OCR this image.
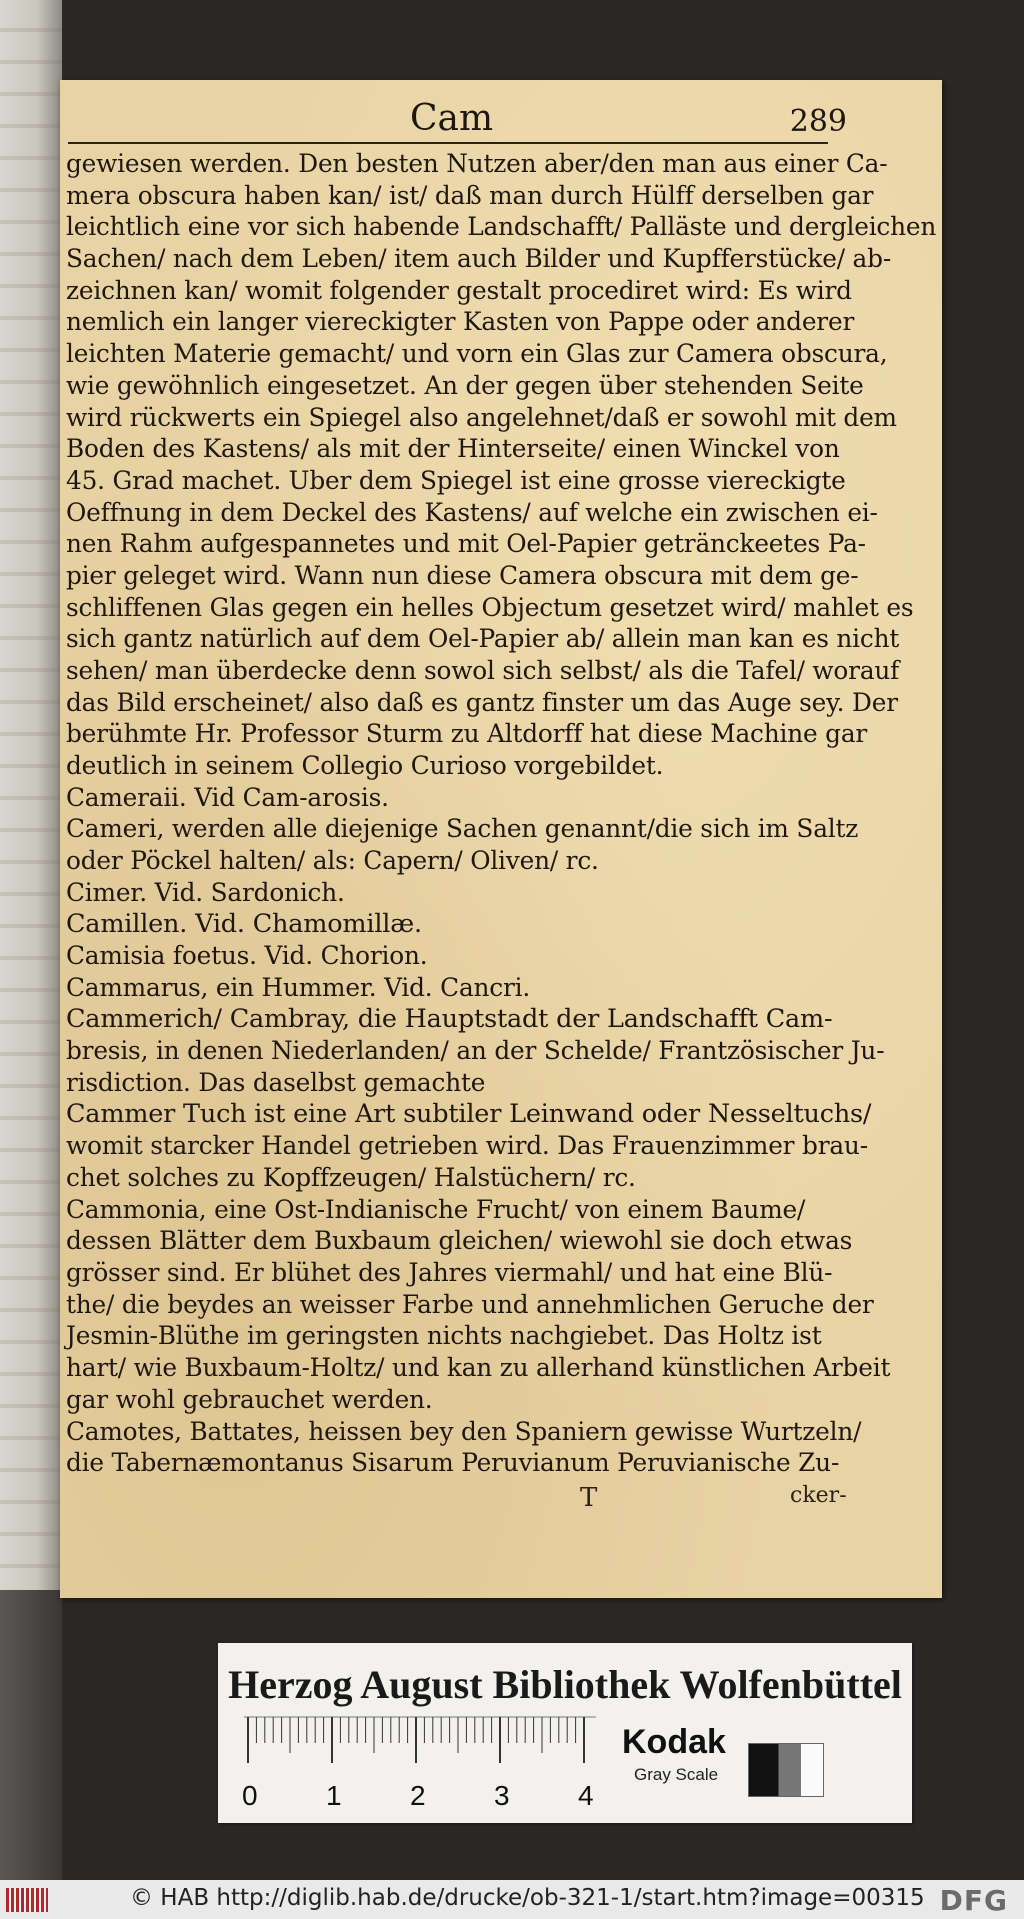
Cam	289
gewiesen werden. Den besten Nutzen aber/den man aus einer Ca-
mera obscura haben kan/ ist/ daß man durch Hülff derselben gar
leichtlich eine vor sich habende Landschafft/ Palläste und dergleichen
Sachen/ nach dem Leben/ item auch Bilder und Kupfferstücke/ ab-
zeichnen kan/ womit folgender gestalt procediret wird: Es wird
nemlich ein langer viereckigter Kasten von Pappe oder anderer
leichten Materie gemacht/ und vorn ein Glas zur Camera obscura,
wie gewöhnlich eingesetzet. An der gegen über stehenden Seite
wird rückwerts ein Spiegel also angelehnet/daß er sowohl mit dem
Boden des Kastens/ als mit der Hinterseite/ einen Winckel von
45. Grad machet. Uber dem Spiegel ist eine grosse viereckigte
Oeffnung in dem Deckel des Kastens/ auf welche ein zwischen ei-
nen Rahm aufgespannetes und mit Oel-Papier getränckeetes Pa-
pier geleget wird. Wann nun diese Camera obscura mit dem ge-
schliffenen Glas gegen ein helles Objectum gesetzet wird/ mahlet es
sich gantz natürlich auf dem Oel-Papier ab/ allein man kan es nicht
sehen/ man überdecke denn sowol sich selbst/ als die Tafel/ worauf
das Bild erscheinet/ also daß es gantz finster um das Auge sey. Der
berühmte Hr. Professor Sturm zu Altdorff hat diese Machine gar
deutlich in seinem Collegio Curioso vorgebildet.
Cameraii. Vid Cam-arosis.
Cameri, werden alle diejenige Sachen genannt/die sich im Saltz
oder Pöckel halten/ als: Capern/ Oliven/ rc.
Cimer. Vid. Sardonich.
Camillen. Vid. Chamomillæ.
Camisia foetus. Vid. Chorion.
Cammarus, ein Hummer. Vid. Cancri.
Cammerich/ Cambray, die Hauptstadt der Landschafft Cam-
bresis, in denen Niederlanden/ an der Schelde/ Frantzösischer Ju-
risdiction. Das daselbst gemachte
Cammer Tuch ist eine Art subtiler Leinwand oder Nesseltuchs/
womit starcker Handel getrieben wird. Das Frauenzimmer brau-
chet solches zu Kopffzeugen/ Halstüchern/ rc.
Cammonia, eine Ost-Indianische Frucht/ von einem Baume/
dessen Blätter dem Buxbaum gleichen/ wiewohl sie doch etwas
grösser sind. Er blühet des Jahres viermahl/ und hat eine Blü-
the/ die beydes an weisser Farbe und annehmlichen Geruche der
Jesmin-Blüthe im geringsten nichts nachgiebet. Das Holtz ist
hart/ wie Buxbaum-Holtz/ und kan zu allerhand künstlichen Arbeit
gar wohl gebrauchet werden.
Camotes, Battates, heissen bey den Spaniern gewisse Wurtzeln/
die Tabernæmontanus Sisarum Peruvianum Peruvianische Zu-
T	cker-
Herzog August Bibliothek Wolfenbüttel
0 1 2 3 4
Kodak
Gray Scale
© HAB http://diglib.hab.de/drucke/ob-321-1/start.htm?image=00315 DFG
